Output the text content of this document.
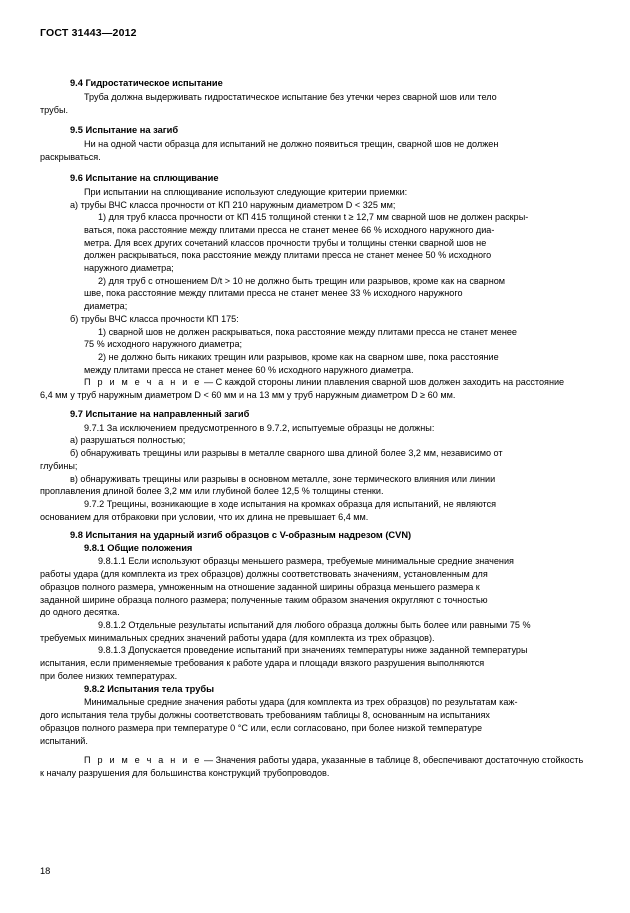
ГОСТ 31443—2012
9.4 Гидростатическое испытание

Труба должна выдерживать гидростатическое испытание без утечки через сварной шов или тело

трубы.

9.5 Испытание на загиб

Ни на одной части образца для испытаний не должно появиться трещин, сварной шов не должен

раскрываться.

9.6 Испытание на сплющивание

При испытании на сплющивание используют следующие критерии приемки:

а) трубы ВЧС класса прочности от КП 210 наружным диаметром D < 325 мм;

1) для труб класса прочности от КП 415 толщиной стенки t ≥ 12,7 мм сварной шов не должен раскры-

ваться, пока расстояние между плитами пресса не станет менее 66 % исходного наружного диа-

метра. Для всех других сочетаний классов прочности трубы и толщины стенки сварной шов не

должен раскрываться, пока расстояние между плитами пресса не станет менее 50 % исходного

наружного диаметра;

2) для труб с отношением D/t > 10 не должно быть трещин или разрывов, кроме как на сварном

шве, пока расстояние между плитами пресса не станет менее 33 % исходного наружного

диаметра;

б) трубы ВЧС класса прочности КП 175:

1) сварной шов не должен раскрываться, пока расстояние между плитами пресса не станет менее

75 % исходного наружного диаметра;

2) не должно быть никаких трещин или разрывов, кроме как на сварном шве, пока расстояние

между плитами пресса не станет менее 60 % исходного наружного диаметра.

П р и м е ч а н и е — С каждой стороны линии плавления сварной шов должен заходить на расстояние

6,4 мм у труб наружным диаметром D < 60 мм и на 13 мм у труб наружным диаметром D ≥ 60 мм.

9.7 Испытание на направленный загиб

9.7.1 За исключением предусмотренного в 9.7.2, испытуемые образцы не должны:

а) разрушаться полностью;

б) обнаруживать трещины или разрывы в металле сварного шва длиной более 3,2 мм, независимо от

глубины;

в) обнаруживать трещины или разрывы в основном металле, зоне термического влияния или линии

проплавления длиной более 3,2 мм или глубиной более 12,5 % толщины стенки.

9.7.2 Трещины, возникающие в ходе испытания на кромках образца для испытаний, не являются

основанием для отбраковки при условии, что их длина не превышает 6,4 мм.

9.8 Испытания на ударный изгиб образцов с V-образным надрезом (CVN)
9.8.1 Общие положения

9.8.1.1 Если используют образцы меньшего размера, требуемые минимальные средние значения

работы удара (для комплекта из трех образцов) должны соответствовать значениям, установленным для

образцов полного размера, умноженным на отношение заданной ширины образца меньшего размера к

заданной ширине образца полного размера; полученные таким образом значения округляют с точностью

до одного десятка.

9.8.1.2 Отдельные результаты испытаний для любого образца должны быть более или равными 75 %

требуемых минимальных средних значений работы удара (для комплекта из трех образцов).

9.8.1.3 Допускается проведение испытаний при значениях температуры ниже заданной температуры

испытания, если применяемые требования к работе удара и площади вязкого разрушения выполняются

при более низких температурах.

9.8.2 Испытания тела трубы

Минимальные средние значения работы удара (для комплекта из трех образцов) по результатам каж-

дого испытания тела трубы должны соответствовать требованиям таблицы 8, основанным на испытаниях

образцов полного размера при температуре 0 °С или, если согласовано, при более низкой температуре

испытаний.

П р и м е ч а н и е — Значения работы удара, указанные в таблице 8, обеспечивают достаточную стойкость

к началу разрушения для большинства конструкций трубопроводов.

18
